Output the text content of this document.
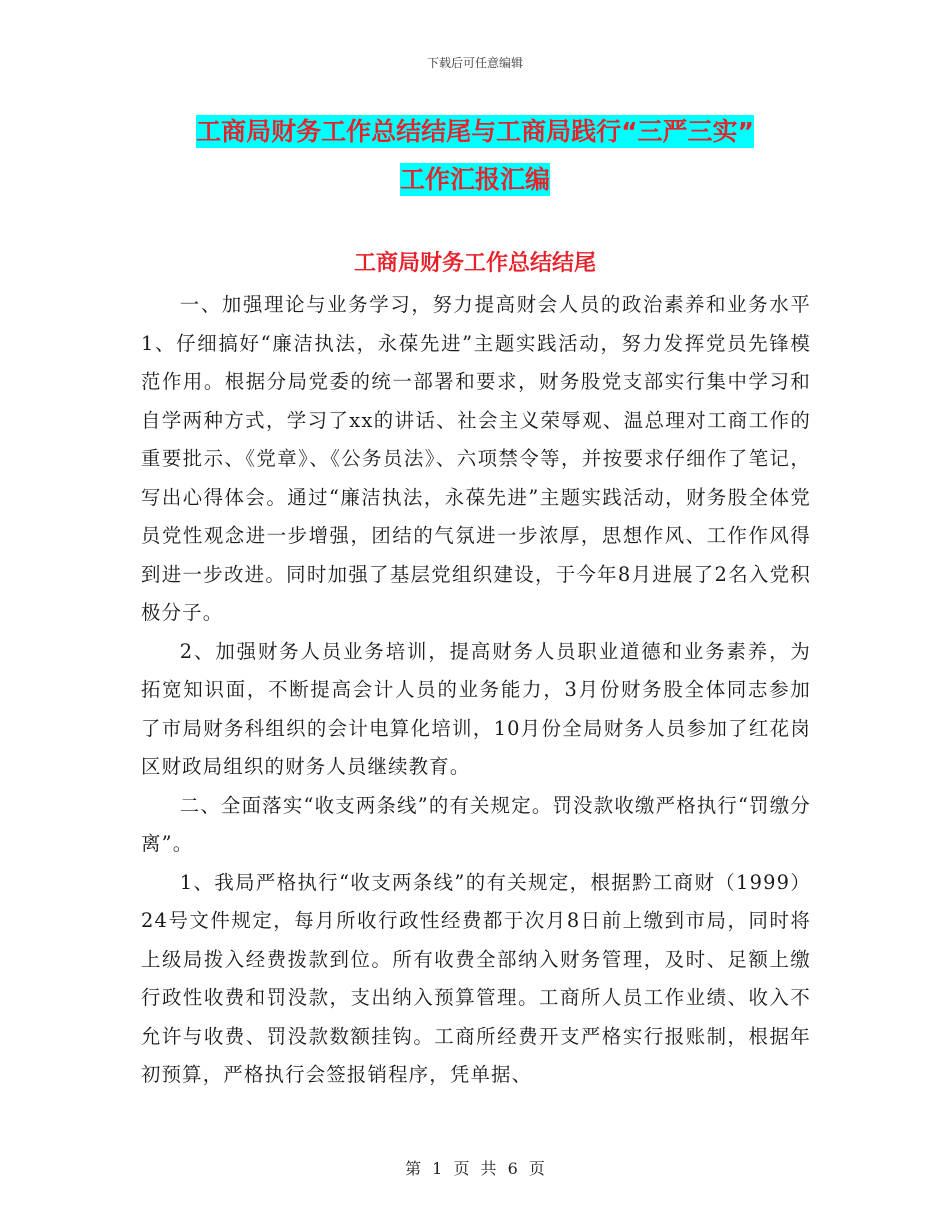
下载后可任意编辑
工商局财务工作总结结尾与工商局践行“三严三实”
工作汇报汇编
工商局财务工作总结结尾

一、加强理论与业务学习，努力提高财会人员的政治素养和业务水平1、仔细搞好“廉洁执法，永葆先进”主题实践活动，努力发挥党员先锋模范作用。根据分局党委的统一部署和要求，财务股党支部实行集中学习和自学两种方式，学习了xx的讲话、社会主义荣辱观、温总理对工商工作的重要批示、《党章》、《公务员法》、六项禁令等，并按要求仔细作了笔记，写出心得体会。通过“廉洁执法，永葆先进”主题实践活动，财务股全体党员党性观念进一步增强，团结的气氛进一步浓厚，思想作风、工作作风得到进一步改进。同时加强了基层党组织建设，于今年8月进展了2名入党积极分子。

2、加强财务人员业务培训，提高财务人员职业道德和业务素养，为拓宽知识面，不断提高会计人员的业务能力，3月份财务股全体同志参加了市局财务科组织的会计电算化培训，10月份全局财务人员参加了红花岗区财政局组织的财务人员继续教育。

二、全面落实“收支两条线”的有关规定。罚没款收缴严格执行“罚缴分离”。

1、我局严格执行“收支两条线”的有关规定，根据黔工商财（1999）24号文件规定，每月所收行政性经费都于次月8日前上缴到市局，同时将上级局拨入经费拨款到位。所有收费全部纳入财务管理，及时、足额上缴行政性收费和罚没款，支出纳入预算管理。工商所人员工作业绩、收入不允许与收费、罚没款数额挂钩。工商所经费开支严格实行报账制，根据年初预算，严格执行会签报销程序，凭单据、

第 1 页 共 6 页
